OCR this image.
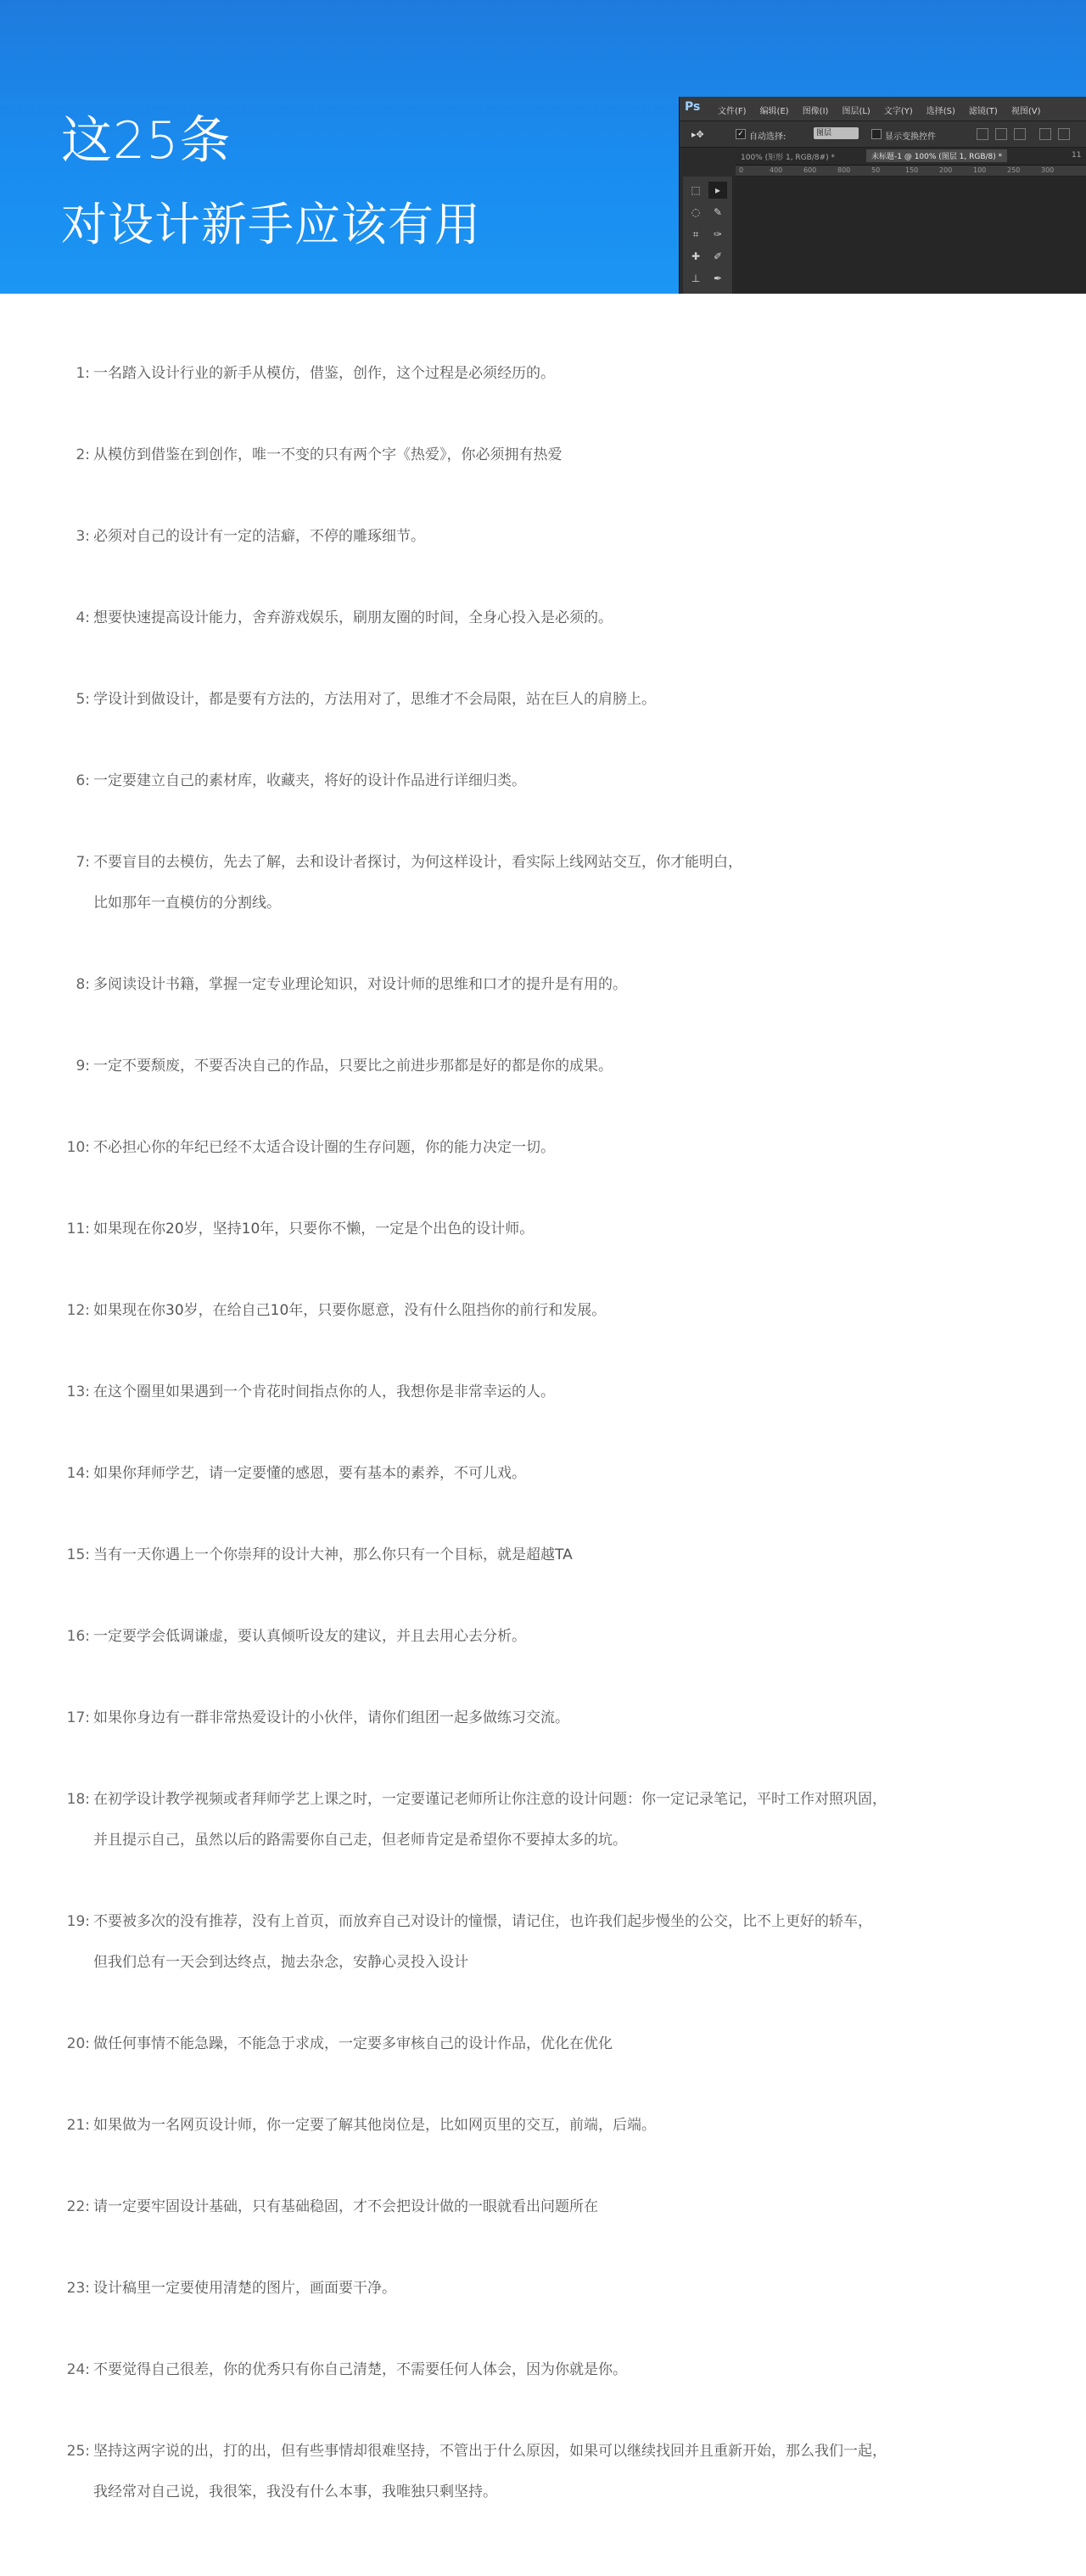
这25条
对设计新手应该有用
Ps 文件(F) 编辑(E) 图像(I) 图层(L) 文字(Y) 选择(S) 滤镜(T) 视图(V)
▸✥	✓ 自动选择:	图层	显示变换控件
100% (矩形 1, RGB/8#) *	未标题-1 @ 100% (图层 1, RGB/8) *	11
0	400	600	800	50	150	200	100	250	300
⬚	▸
◌	✎
⌗	✑
✚	✐
⊥	✒
1: 一名踏入设计行业的新手从模仿，借鉴，创作，这个过程是必须经历的。
2: 从模仿到借鉴在到创作，唯一不变的只有两个字《热爱》，你必须拥有热爱
3: 必须对自己的设计有一定的洁癖，不停的雕琢细节。
4: 想要快速提高设计能力，舍弃游戏娱乐，刷朋友圈的时间，全身心投入是必须的。
5: 学设计到做设计，都是要有方法的，方法用对了，思维才不会局限，站在巨人的肩膀上。
6: 一定要建立自己的素材库，收藏夹，将好的设计作品进行详细归类。
7: 不要盲目的去模仿，先去了解，去和设计者探讨，为何这样设计，看实际上线网站交互，你才能明白，
比如那年一直模仿的分割线。
8: 多阅读设计书籍，掌握一定专业理论知识，对设计师的思维和口才的提升是有用的。
9: 一定不要颓废，不要否决自己的作品，只要比之前进步那都是好的都是你的成果。
10: 不必担心你的年纪已经不太适合设计圈的生存问题，你的能力决定一切。
11: 如果现在你20岁，坚持10年，只要你不懒，一定是个出色的设计师。
12: 如果现在你30岁，在给自己10年，只要你愿意，没有什么阻挡你的前行和发展。
13: 在这个圈里如果遇到一个肯花时间指点你的人，我想你是非常幸运的人。
14: 如果你拜师学艺，请一定要懂的感恩，要有基本的素养，不可儿戏。
15: 当有一天你遇上一个你崇拜的设计大神，那么你只有一个目标，就是超越TA
16: 一定要学会低调谦虚，要认真倾听设友的建议，并且去用心去分析。
17: 如果你身边有一群非常热爱设计的小伙伴，请你们组团一起多做练习交流。
18: 在初学设计教学视频或者拜师学艺上课之时，一定要谨记老师所让你注意的设计问题：你一定记录笔记，平时工作对照巩固，
并且提示自己，虽然以后的路需要你自己走，但老师肯定是希望你不要掉太多的坑。
19: 不要被多次的没有推荐，没有上首页，而放弃自己对设计的憧憬，请记住，也许我们起步慢坐的公交，比不上更好的轿车，
但我们总有一天会到达终点，抛去杂念，安静心灵投入设计
20: 做任何事情不能急躁，不能急于求成，一定要多审核自己的设计作品，优化在优化
21: 如果做为一名网页设计师，你一定要了解其他岗位是，比如网页里的交互，前端，后端。
22: 请一定要牢固设计基础，只有基础稳固，才不会把设计做的一眼就看出问题所在
23: 设计稿里一定要使用清楚的图片，画面要干净。
24: 不要觉得自己很差，你的优秀只有你自己清楚，不需要任何人体会，因为你就是你。
25: 坚持这两字说的出，打的出，但有些事情却很难坚持，不管出于什么原因，如果可以继续找回并且重新开始，那么我们一起，
我经常对自己说，我很笨，我没有什么本事，我唯独只剩坚持。
